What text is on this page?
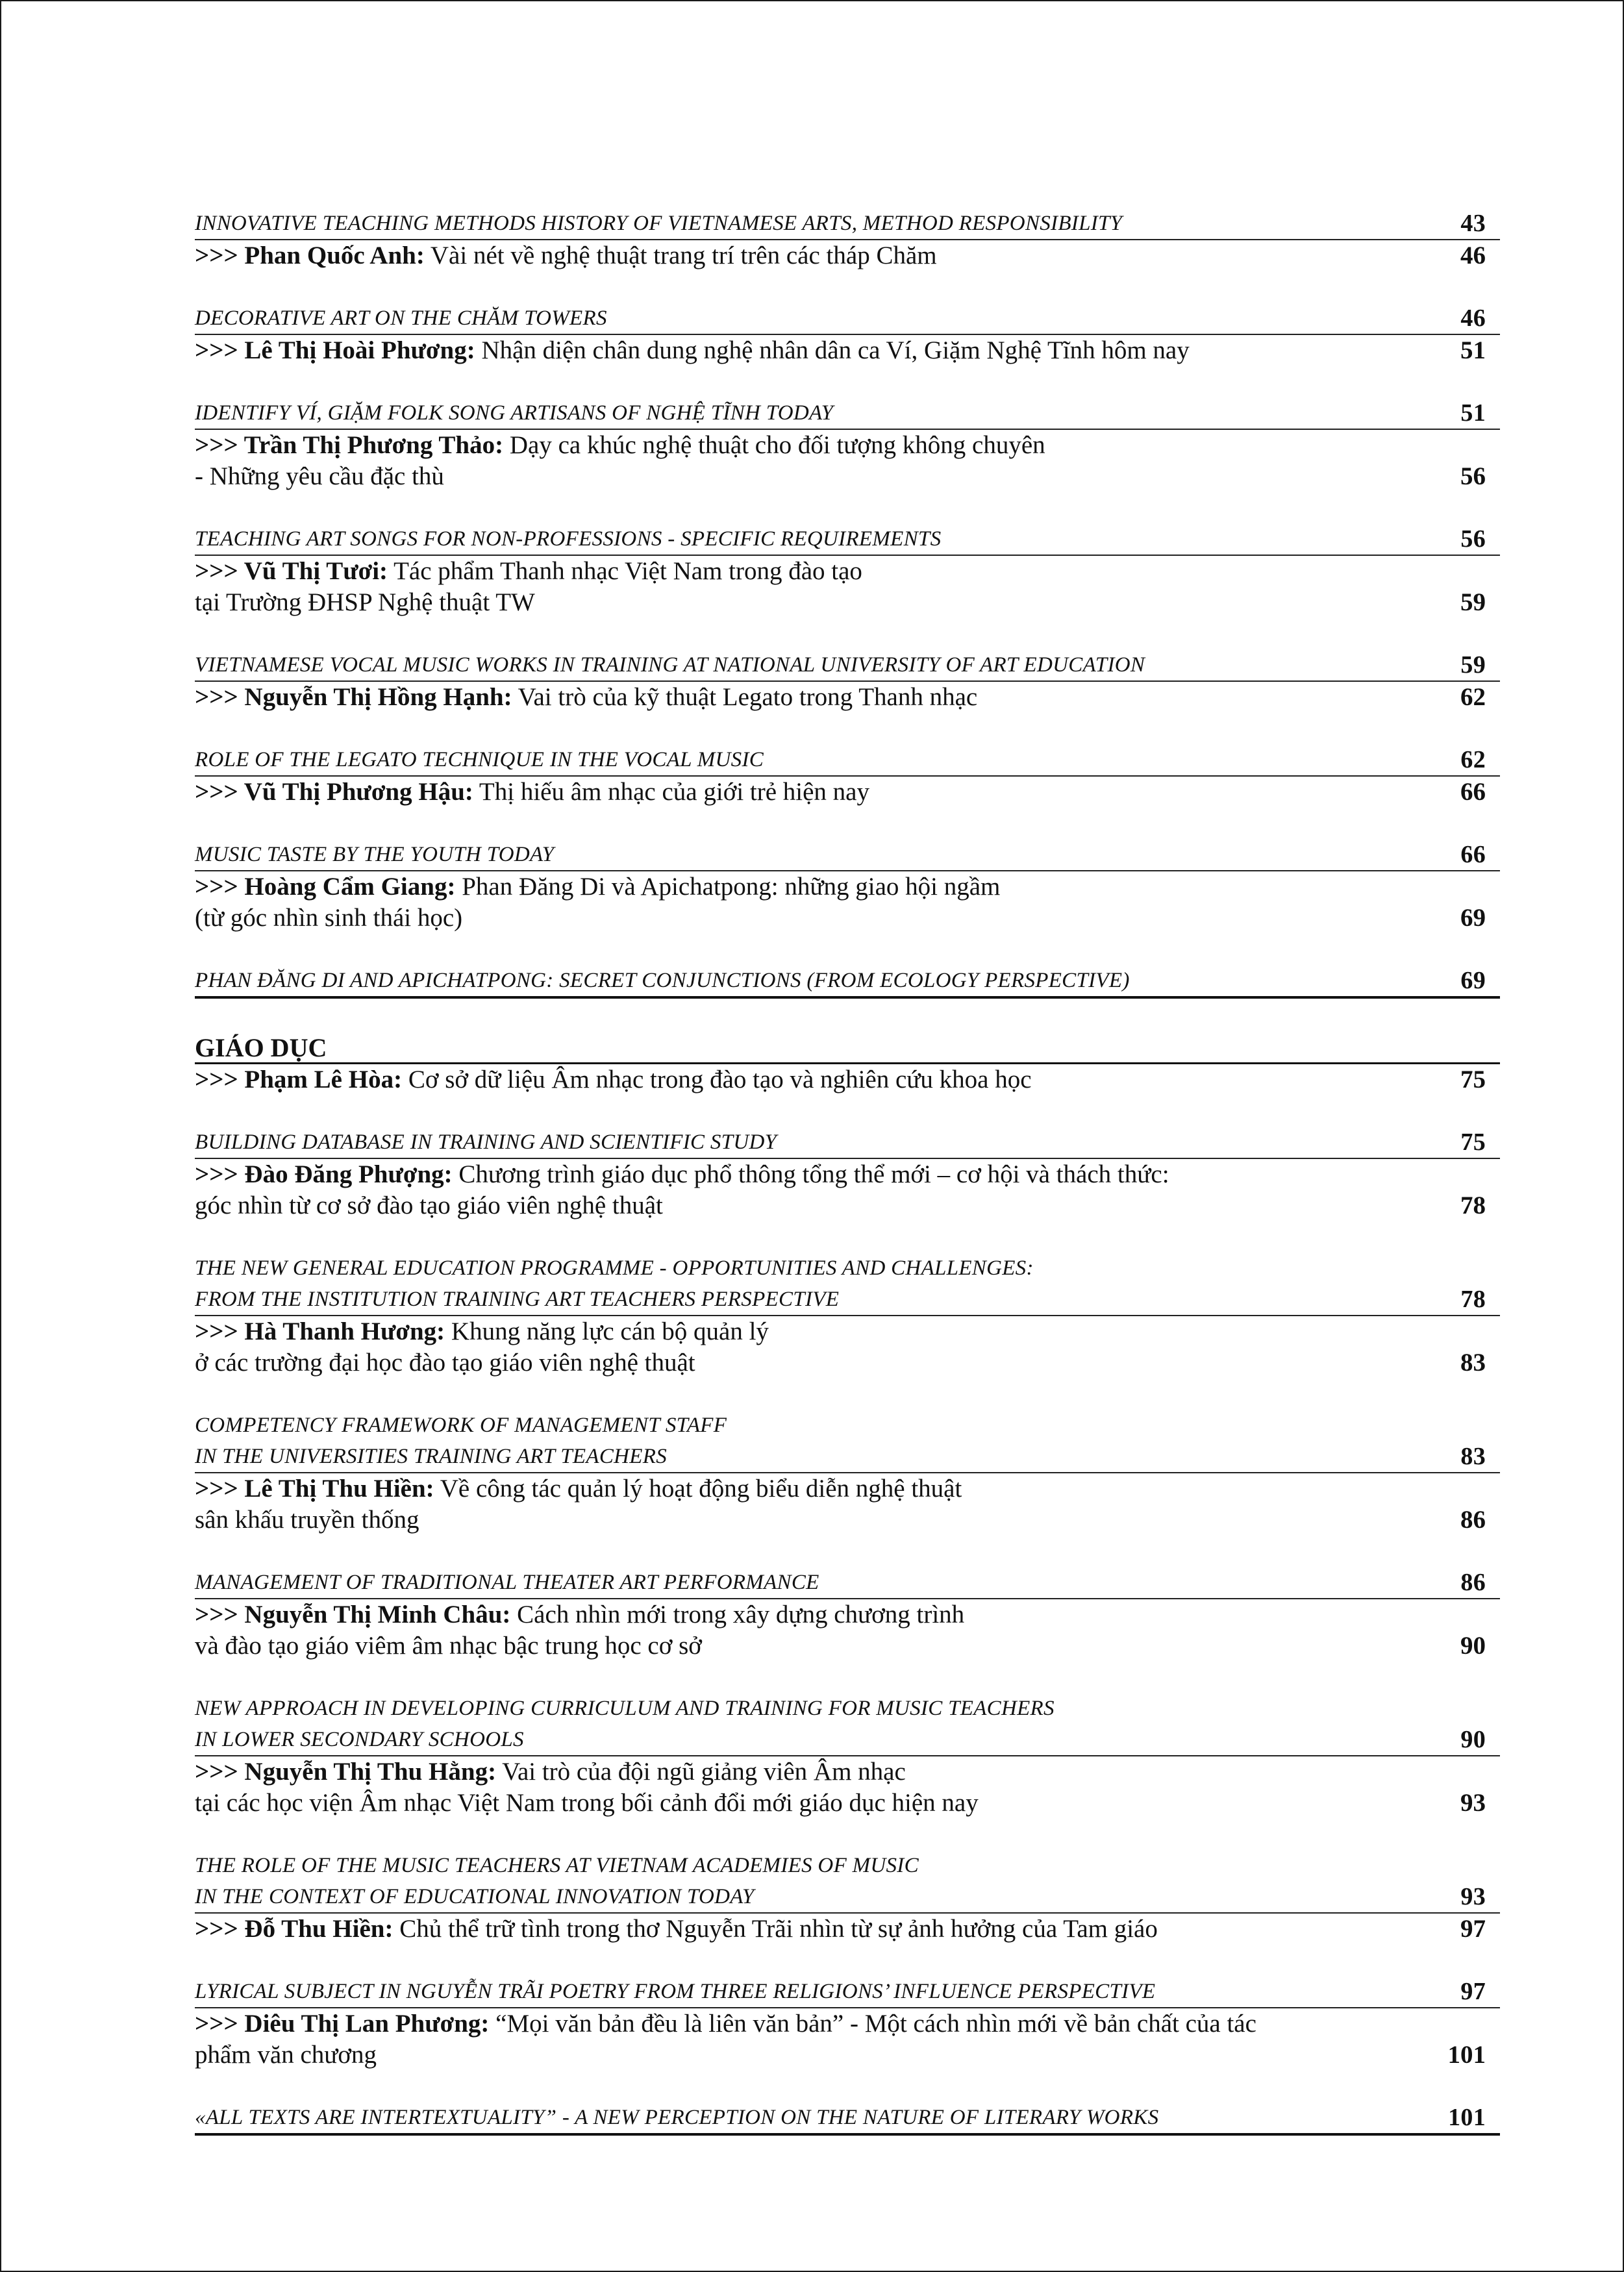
INNOVATIVE TEACHING METHODS HISTORY OF VIETNAMESE ARTS, METHOD RESPONSIBILITY	43
>>> Phan Quốc Anh: Vài nét về nghệ thuật trang trí trên các tháp Chăm	46
DECORATIVE ART ON THE CHĂM TOWERS	46
>>> Lê Thị Hoài Phương: Nhận diện chân dung nghệ nhân dân ca Ví, Giặm Nghệ Tĩnh hôm nay	51
IDENTIFY VÍ, GIẶM FOLK SONG ARTISANS OF NGHỆ TĨNH TODAY	51
>>> Trần Thị Phương Thảo: Dạy ca khúc nghệ thuật cho đối tượng không chuyên
- Những yêu cầu đặc thù	56
TEACHING ART SONGS FOR NON-PROFESSIONS - SPECIFIC REQUIREMENTS	56
>>> Vũ Thị Tươi: Tác phẩm Thanh nhạc Việt Nam trong đào tạo
tại Trường ĐHSP Nghệ thuật TW	59
VIETNAMESE VOCAL MUSIC WORKS IN TRAINING AT NATIONAL UNIVERSITY OF ART EDUCATION	59
>>> Nguyễn Thị Hồng Hạnh: Vai trò của kỹ thuật Legato trong Thanh nhạc	62
ROLE OF THE LEGATO TECHNIQUE IN THE VOCAL MUSIC	62
>>> Vũ Thị Phương Hậu: Thị hiếu âm nhạc của giới trẻ hiện nay	66
MUSIC TASTE BY THE YOUTH TODAY	66
>>> Hoàng Cẩm Giang: Phan Đăng Di và Apichatpong: những giao hội ngầm
(từ góc nhìn sinh thái học)	69
PHAN ĐĂNG DI AND APICHATPONG: SECRET CONJUNCTIONS (FROM ECOLOGY PERSPECTIVE)	69
GIÁO DỤC
>>> Phạm Lê Hòa: Cơ sở dữ liệu Âm nhạc trong đào tạo và nghiên cứu khoa học	75
BUILDING DATABASE IN TRAINING AND SCIENTIFIC STUDY	75
>>> Đào Đăng Phượng: Chương trình giáo dục phổ thông tổng thể mới – cơ hội và thách thức:
góc nhìn từ cơ sở đào tạo giáo viên nghệ thuật	78
THE NEW GENERAL EDUCATION PROGRAMME - OPPORTUNITIES AND CHALLENGES:
FROM THE INSTITUTION TRAINING ART TEACHERS PERSPECTIVE	78
>>> Hà Thanh Hương: Khung năng lực cán bộ quản lý
ở các trường đại học đào tạo giáo viên nghệ thuật	83
COMPETENCY FRAMEWORK OF MANAGEMENT STAFF
IN THE UNIVERSITIES TRAINING ART TEACHERS	83
>>> Lê Thị Thu Hiền: Về công tác quản lý hoạt động biểu diễn nghệ thuật
sân khấu truyền thống	86
MANAGEMENT OF TRADITIONAL THEATER ART PERFORMANCE	86
>>> Nguyễn Thị Minh Châu: Cách nhìn mới trong xây dựng chương trình
và đào tạo giáo viêm âm nhạc bậc trung học cơ sở	90
NEW APPROACH IN DEVELOPING CURRICULUM AND TRAINING FOR MUSIC TEACHERS
IN LOWER SECONDARY SCHOOLS	90
>>> Nguyễn Thị Thu Hằng: Vai trò của đội ngũ giảng viên Âm nhạc
tại các học viện Âm nhạc Việt Nam trong bối cảnh đổi mới giáo dục hiện nay	93
THE ROLE OF THE MUSIC TEACHERS AT VIETNAM ACADEMIES OF MUSIC
IN THE CONTEXT OF EDUCATIONAL INNOVATION TODAY	93
>>> Đỗ Thu Hiền: Chủ thể trữ tình trong thơ Nguyễn Trãi nhìn từ sự ảnh hưởng của Tam giáo	97
LYRICAL SUBJECT IN NGUYỄN TRÃI POETRY FROM THREE RELIGIONS’ INFLUENCE PERSPECTIVE	97
>>> Diêu Thị Lan Phương: “Mọi văn bản đều là liên văn bản” - Một cách nhìn mới về bản chất của tác
phẩm văn chương	101
«ALL TEXTS ARE INTERTEXTUALITY” - A NEW PERCEPTION ON THE NATURE OF LITERARY WORKS	101
